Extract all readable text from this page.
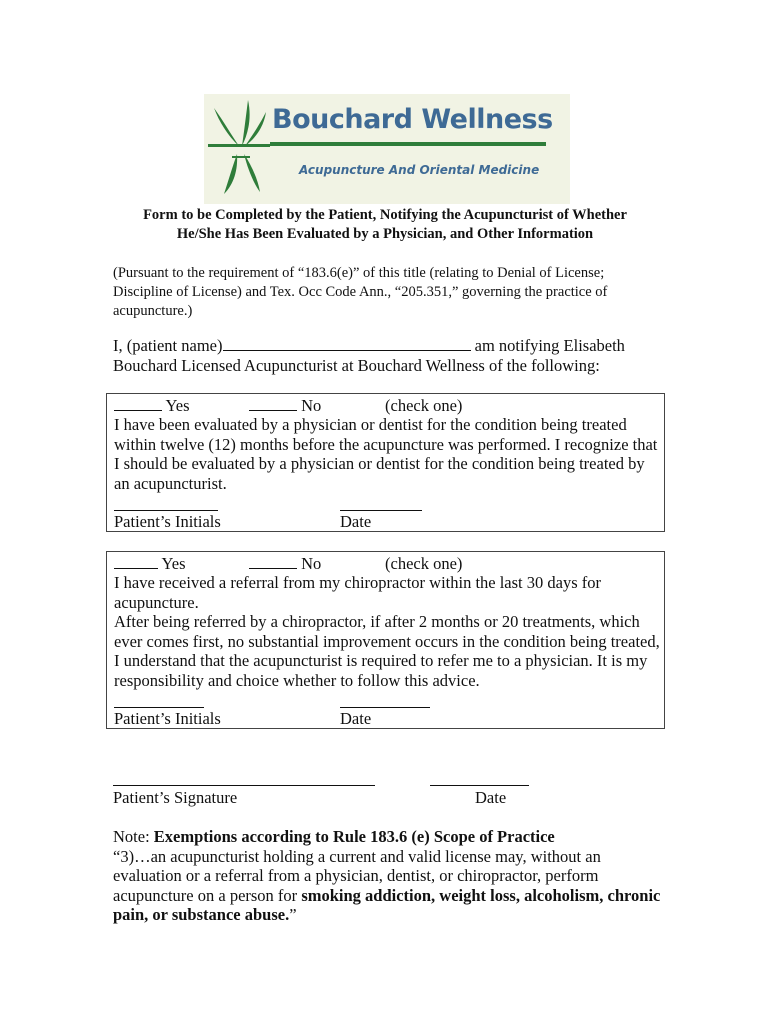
Bouchard Wellness
Acupuncture And Oriental Medicine
Form to be Completed by the Patient, Notifying the Acupuncturist of Whether
He/She Has Been Evaluated by a Physician, and Other Information
(Pursuant to the requirement of “183.6(e)” of this title (relating to Denial of License;
Discipline of License) and Tex. Occ Code Ann., “205.351,” governing the practice of
acupuncture.)
I, (patient name)	am notifying Elisabeth
Bouchard Licensed Acupuncturist at Bouchard Wellness of the following:
Yes	No	(check one)
I have been evaluated by a physician or dentist for the condition being treated
within twelve (12) months before the acupuncture was performed. I recognize that
I should be evaluated by a physician or dentist for the condition being treated by
an acupuncturist.
Patient’s Initials	Date
Yes	No	(check one)
I have received a referral from my chiropractor within the last 30 days for
acupuncture.
After being referred by a chiropractor, if after 2 months or 20 treatments, which
ever comes first, no substantial improvement occurs in the condition being treated,
I understand that the acupuncturist is required to refer me to a physician. It is my
responsibility and choice whether to follow this advice.
Patient’s Initials	Date
Patient’s Signature	Date
Note: Exemptions according to Rule 183.6 (e) Scope of Practice
“3)…an acupuncturist holding a current and valid license may, without an
evaluation or a referral from a physician, dentist, or chiropractor, perform
acupuncture on a person for smoking addiction, weight loss, alcoholism, chronic
pain, or substance abuse.”
